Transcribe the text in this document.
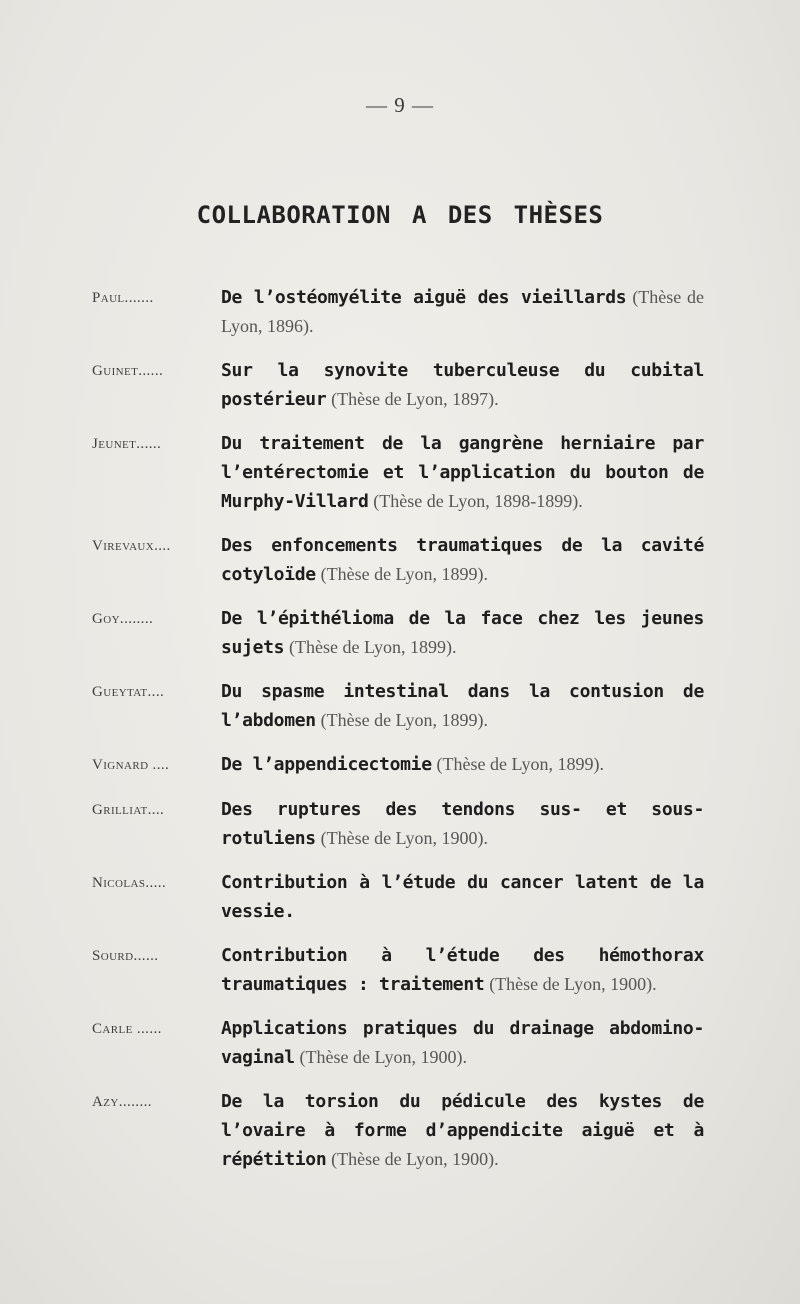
— 9 —
COLLABORATION A DES THÈSES
Paul.......	De l’ostéomyélite aiguë des vieillards (Thèse de Lyon, 1896).
Guinet......	Sur la synovite tuberculeuse du cubital postérieur (Thèse de Lyon, 1897).
Jeunet......	Du traitement de la gangrène herniaire par l’entérectomie et l’application du bouton de Murphy-Villard (Thèse de Lyon, 1898-1899).
Virevaux....	Des enfoncements traumatiques de la cavité cotyloïde (Thèse de Lyon, 1899).
Goy........	De l’épithélioma de la face chez les jeunes sujets (Thèse de Lyon, 1899).
Gueytat....	Du spasme intestinal dans la contusion de l’abdomen (Thèse de Lyon, 1899).
Vignard ....	De l’appendicectomie (Thèse de Lyon, 1899).
Grilliat....	Des ruptures des tendons sus- et sous-rotuliens (Thèse de Lyon, 1900).
Nicolas.....	Contribution à l’étude du cancer latent de la vessie.
Sourd......	Contribution à l’étude des hémothorax traumatiques : traitement (Thèse de Lyon, 1900).
Carle ......	Applications pratiques du drainage abdomino-vaginal (Thèse de Lyon, 1900).
Azy........	De la torsion du pédicule des kystes de l’ovaire à forme d’appendicite aiguë et à répétition (Thèse de Lyon, 1900).
